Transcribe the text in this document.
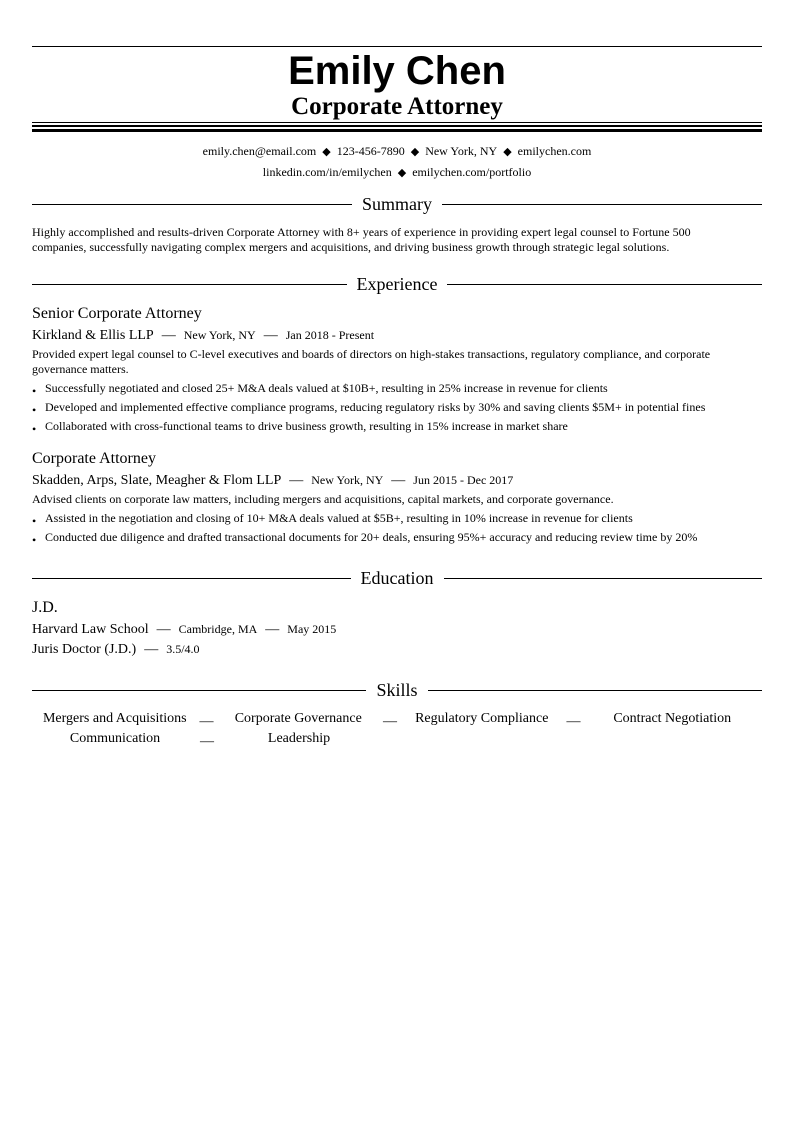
Emily Chen
Corporate Attorney
emily.chen@email.com ◆ 123-456-7890 ◆ New York, NY ◆ emilychen.com
linkedin.com/in/emilychen ◆ emilychen.com/portfolio
Summary
Highly accomplished and results-driven Corporate Attorney with 8+ years of experience in providing expert legal counsel to Fortune 500 companies, successfully navigating complex mergers and acquisitions, and driving business growth through strategic legal solutions.
Experience
Senior Corporate Attorney
Kirkland & Ellis LLP — New York, NY — Jan 2018 - Present
Provided expert legal counsel to C-level executives and boards of directors on high-stakes transactions, regulatory compliance, and corporate governance matters.
• Successfully negotiated and closed 25+ M&A deals valued at $10B+, resulting in 25% increase in revenue for clients
• Developed and implemented effective compliance programs, reducing regulatory risks by 30% and saving clients $5M+ in potential fines
• Collaborated with cross-functional teams to drive business growth, resulting in 15% increase in market share
Corporate Attorney
Skadden, Arps, Slate, Meagher & Flom LLP — New York, NY — Jun 2015 - Dec 2017
Advised clients on corporate law matters, including mergers and acquisitions, capital markets, and corporate governance.
• Assisted in the negotiation and closing of 10+ M&A deals valued at $5B+, resulting in 10% increase in revenue for clients
• Conducted due diligence and drafted transactional documents for 20+ deals, ensuring 95%+ accuracy and reducing review time by 20%
Education
J.D.
Harvard Law School — Cambridge, MA — May 2015
Juris Doctor (J.D.) — 3.5/4.0
Skills
Mergers and Acquisitions —	Corporate Governance	—	Regulatory Compliance	—	Contract Negotiation
Communication	—	Leadership
